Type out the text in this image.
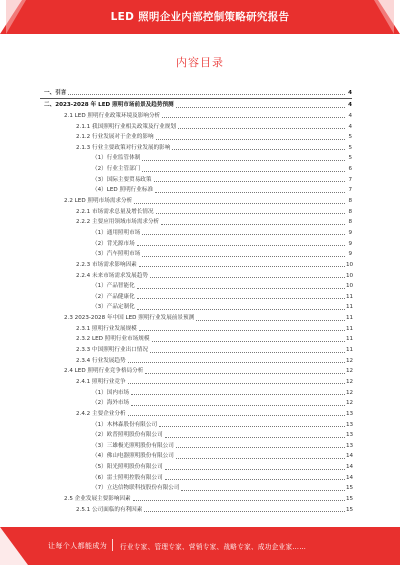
LED 照明企业内部控制策略研究报告
内容目录
一、引言	4
二、2023-2028 年 LED 照明市场前景及趋势预测	4
2.1 LED 照明行业政策环境及影响分析	4
2.1.1 我国照明行业相关政策及行业规划	4
2.1.2 行业发展对于企业的影响	5
2.1.3 行业主要政策对行业发展的影响	5
（1）行业监管体制	5
（2）行业主管部门	6
（3）国际主要贸易政策	7
（4）LED 照明行业标准	7
2.2 LED 照明市场需求分析	8
2.2.1 市场需求总量及增长情况	8
2.2.2 主要应用领域市场需求分析	8
（1）通用照明市场	9
（2）背光源市场	9
（3）汽车照明市场	9
2.2.3 市场需求影响因素	10
2.2.4 未来市场需求发展趋势	10
（1）产品智能化	10
（2）产品健康化	11
（3）产品定制化	11
2.3 2023-2028 年中国 LED 照明行业发展前景预测	11
2.3.1 照明行业发展规模	11
2.3.2 LED 照明行业市场规模	11
2.3.3 中国照明行业出口情况	11
2.3.4 行业发展趋势	12
2.4 LED 照明行业竞争格局分析	12
2.4.1 照明行业竞争	12
（1）国内市场	12
（2）海外市场	12
2.4.2 主要企业分析	13
（1）木林森股份有限公司	13
（2）欧普照明股份有限公司	13
（3）三雄极光照明股份有限公司	13
（4）佛山电器照明股份有限公司	14
（5）阳光照明股份有限公司	14
（6）雷士照明控股有限公司	14
（7）立达信物联科技股份有限公司	15
2.5 企业发展主要影响因素	15
2.5.1 公司面临的有利因素	15
让每个人都能成为 行业专家、管理专家、营销专家、战略专家、成功企业家……
